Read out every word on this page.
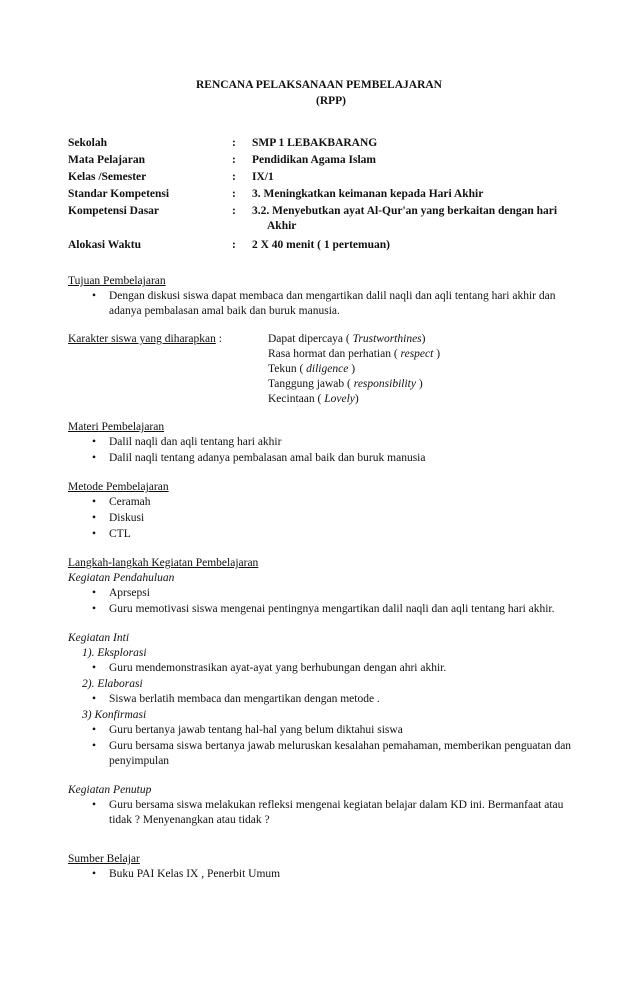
RENCANA PELAKSANAAN PEMBELAJARAN
(RPP)
Sekolah	:	SMP 1 LEBAKBARANG
Mata Pelajaran	:	Pendidikan Agama Islam
Kelas /Semester	:	IX/1
Standar Kompetensi	:	3. Meningkatkan keimanan kepada Hari Akhir
Kompetensi Dasar	:	3.2. Menyebutkan ayat Al-Qur'an yang berkaitan dengan hari
Akhir
Alokasi Waktu	:	2 X 40 menit ( 1 pertemuan)
Tujuan Pembelajaran
• Dengan diskusi siswa dapat membaca dan mengartikan dalil naqli dan aqli tentang hari akhir dan adanya pembalasan amal baik dan buruk manusia.
Karakter siswa yang diharapkan :	Dapat dipercaya ( Trustworthines)
Rasa hormat dan perhatian ( respect )
Tekun ( diligence )
Tanggung jawab ( responsibility )
Kecintaan ( Lovely)
Materi Pembelajaran
• Dalil naqli dan aqli tentang hari akhir
• Dalil naqli tentang adanya pembalasan amal baik dan buruk manusia
Metode Pembelajaran
• Ceramah
• Diskusi
• CTL
Langkah-langkah Kegiatan Pembelajaran
Kegiatan Pendahuluan
• Aprsepsi
• Guru memotivasi siswa mengenai pentingnya mengartikan dalil naqli dan aqli tentang hari akhir.
Kegiatan Inti
1). Eksplorasi
• Guru mendemonstrasikan ayat-ayat yang berhubungan dengan ahri akhir.
2). Elaborasi
• Siswa berlatih membaca dan mengartikan dengan metode .
3) Konfirmasi
• Guru bertanya jawab tentang hal-hal yang belum diktahui siswa
• Guru bersama siswa bertanya jawab meluruskan kesalahan pemahaman, memberikan penguatan dan penyimpulan
Kegiatan Penutup
• Guru bersama siswa melakukan refleksi mengenai kegiatan belajar dalam KD ini. Bermanfaat atau tidak ? Menyenangkan atau tidak ?
Sumber Belajar
• Buku PAI Kelas IX , Penerbit Umum
